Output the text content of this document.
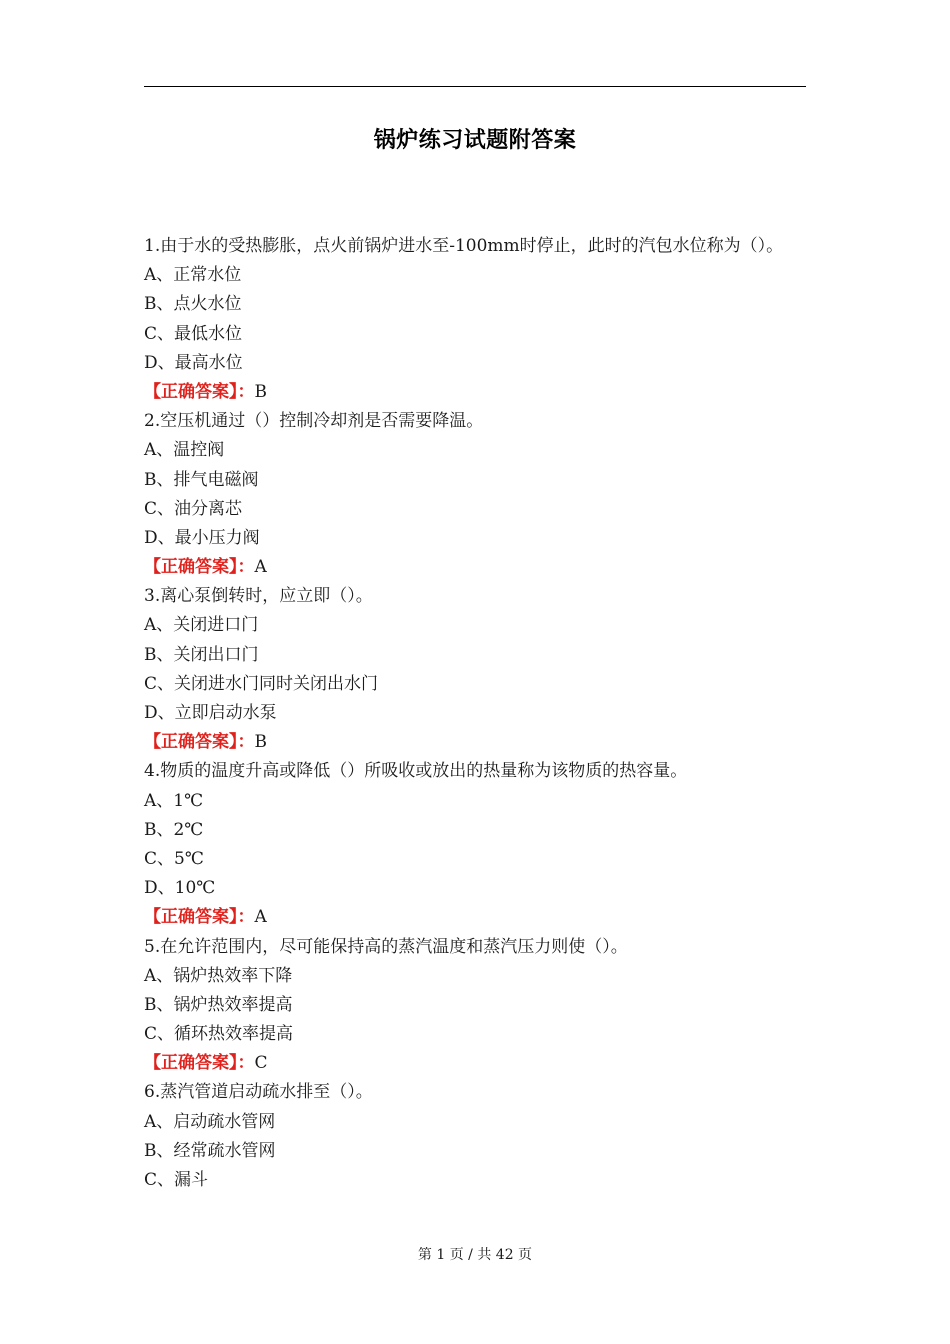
锅炉练习试题附答案
1.由于水的受热膨胀，点火前锅炉进水至-100mm时停止，此时的汽包水位称为（）。
A、正常水位
B、点火水位
C、最低水位
D、最高水位
【正确答案】：B
2.空压机通过（）控制冷却剂是否需要降温。
A、温控阀
B、排气电磁阀
C、油分离芯
D、最小压力阀
【正确答案】：A
3.离心泵倒转时，应立即（）。
A、关闭进口门
B、关闭出口门
C、关闭进水门同时关闭出水门
D、立即启动水泵
【正确答案】：B
4.物质的温度升高或降低（）所吸收或放出的热量称为该物质的热容量。
A、1℃
B、2℃
C、5℃
D、10℃
【正确答案】：A
5.在允许范围内，尽可能保持高的蒸汽温度和蒸汽压力则使（）。
A、锅炉热效率下降
B、锅炉热效率提高
C、循环热效率提高
【正确答案】：C
6.蒸汽管道启动疏水排至（）。
A、启动疏水管网
B、经常疏水管网
C、漏斗
第 1 页 / 共 42 页
